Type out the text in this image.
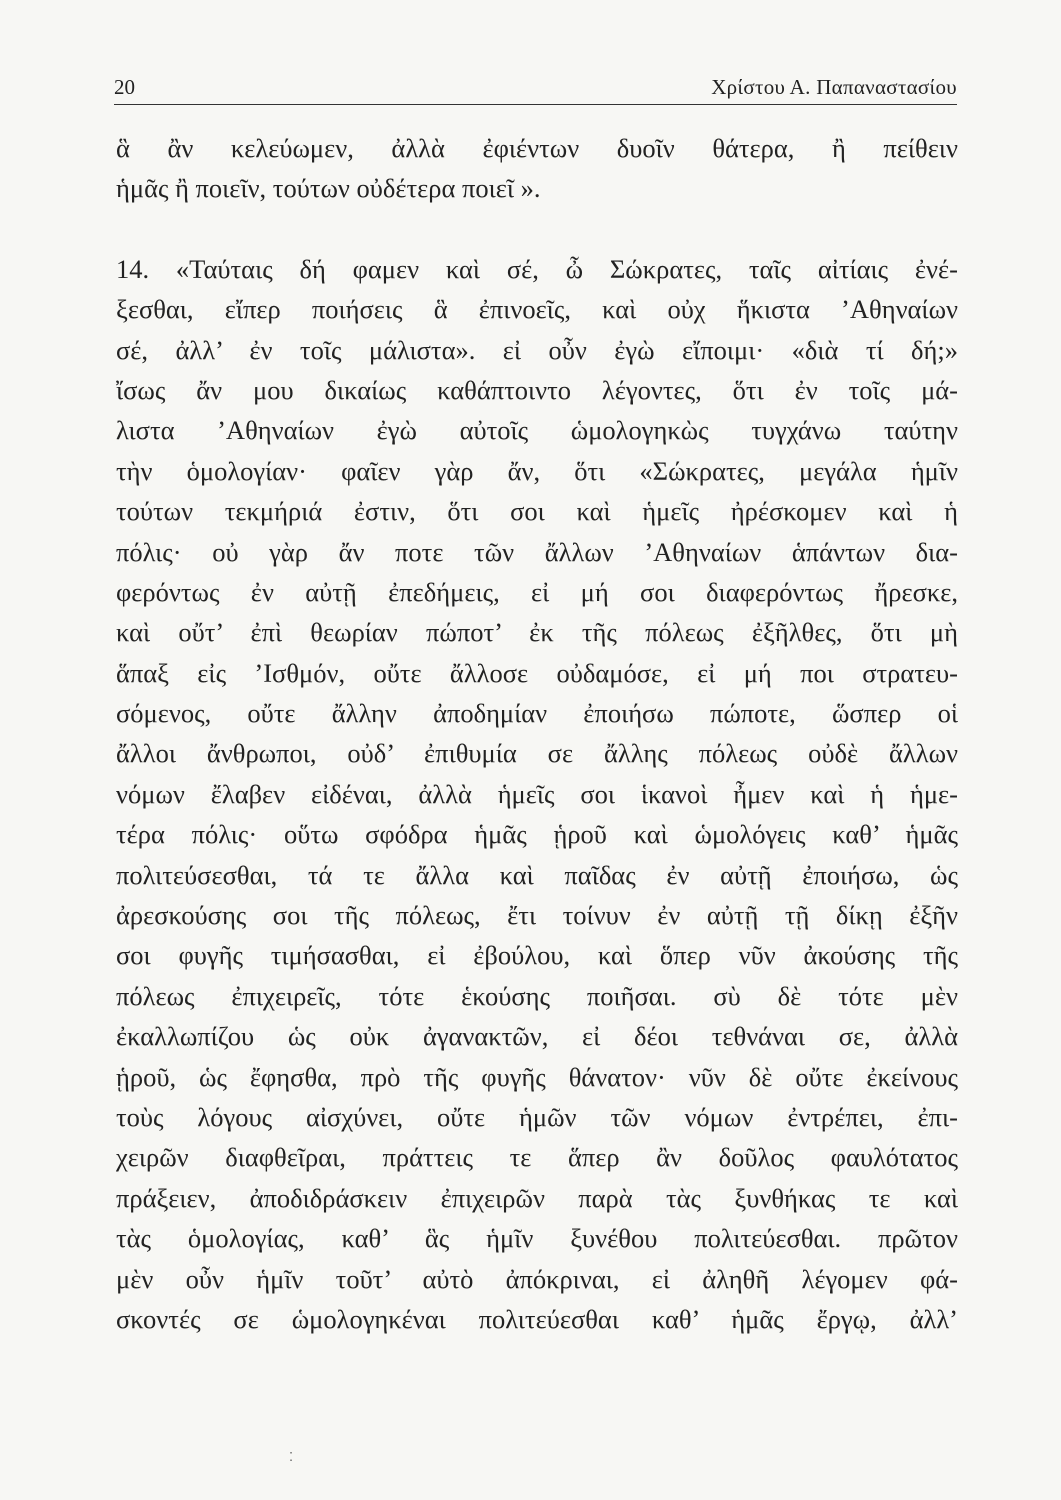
20	Χρίστου Α. Παπαναστασίου
ἃ ἂν κελεύωμεν, ἀλλὰ ἐφιέντων δυοῖν θάτερα, ἢ πείθειν
ἡμᾶς ἢ ποιεῖν, τούτων οὐδέτερα ποιεῖ ».
14. «Ταύταις δή φαμεν καὶ σέ, ὦ Σώκρατες, ταῖς αἰτίαις ἐνέ-
ξεσθαι, εἴπερ ποιήσεις ἃ ἐπινοεῖς, καὶ οὐχ ἥκιστα ’Αθηναίων
σέ, ἀλλ’ ἐν τοῖς μάλιστα». εἰ οὖν ἐγὼ εἴποιμι· «διὰ τί δή;»
ἴσως ἄν μου δικαίως καθάπτοιντο λέγοντες, ὅτι ἐν τοῖς μά-
λιστα ’Αθηναίων ἐγὼ αὐτοῖς ὡμολογηκὼς τυγχάνω ταύτην
τὴν ὁμολογίαν· φαῖεν γὰρ ἄν, ὅτι «Σώκρατες, μεγάλα ἡμῖν
τούτων τεκμήριά ἐστιν, ὅτι σοι καὶ ἡμεῖς ἠρέσκομεν καὶ ἡ
πόλις· οὐ γὰρ ἄν ποτε τῶν ἄλλων ’Αθηναίων ἁπάντων δια-
φερόντως ἐν αὐτῇ ἐπεδήμεις, εἰ μή σοι διαφερόντως ἤρεσκε,
καὶ οὔτ’ ἐπὶ θεωρίαν πώποτ’ ἐκ τῆς πόλεως ἐξῆλθες, ὅτι μὴ
ἅπαξ εἰς ’Ισθμόν, οὔτε ἄλλοσε οὐδαμόσε, εἰ μή ποι στρατευ-
σόμενος, οὔτε ἄλλην ἀποδημίαν ἐποιήσω πώποτε, ὥσπερ οἱ
ἄλλοι ἄνθρωποι, οὐδ’ ἐπιθυμία σε ἄλλης πόλεως οὐδὲ ἄλλων
νόμων ἔλαβεν εἰδέναι, ἀλλὰ ἡμεῖς σοι ἱκανοὶ ἦμεν καὶ ἡ ἡμε-
τέρα πόλις· οὕτω σφόδρα ἡμᾶς ᾑροῦ καὶ ὡμολόγεις καθ’ ἡμᾶς
πολιτεύσεσθαι, τά τε ἄλλα καὶ παῖδας ἐν αὐτῇ ἐποιήσω, ὡς
ἀρεσκούσης σοι τῆς πόλεως, ἔτι τοίνυν ἐν αὐτῇ τῇ δίκῃ ἐξῆν
σοι φυγῆς τιμήσασθαι, εἰ ἐβούλου, καὶ ὅπερ νῦν ἀκούσης τῆς
πόλεως ἐπιχειρεῖς, τότε ἑκούσης ποιῆσαι. σὺ δὲ τότε μὲν
ἐκαλλωπίζου ὡς οὐκ ἀγανακτῶν, εἰ δέοι τεθνάναι σε, ἀλλὰ
ᾑροῦ, ὡς ἔφησθα, πρὸ τῆς φυγῆς θάνατον· νῦν δὲ οὔτε ἐκείνους
τοὺς λόγους αἰσχύνει, οὔτε ἡμῶν τῶν νόμων ἐντρέπει, ἐπι-
χειρῶν διαφθεῖραι, πράττεις τε ἅπερ ἂν δοῦλος φαυλότατος
πράξειεν, ἀποδιδράσκειν ἐπιχειρῶν παρὰ τὰς ξυνθήκας τε καὶ
τὰς ὁμολογίας, καθ’ ἃς ἡμῖν ξυνέθου πολιτεύεσθαι. πρῶτον
μὲν οὖν ἡμῖν τοῦτ’ αὐτὸ ἀπόκριναι, εἰ ἀληθῆ λέγομεν φά-
σκοντές σε ὡμολογηκέναι πολιτεύεσθαι καθ’ ἡμᾶς ἔργῳ, ἀλλ’
⁚
